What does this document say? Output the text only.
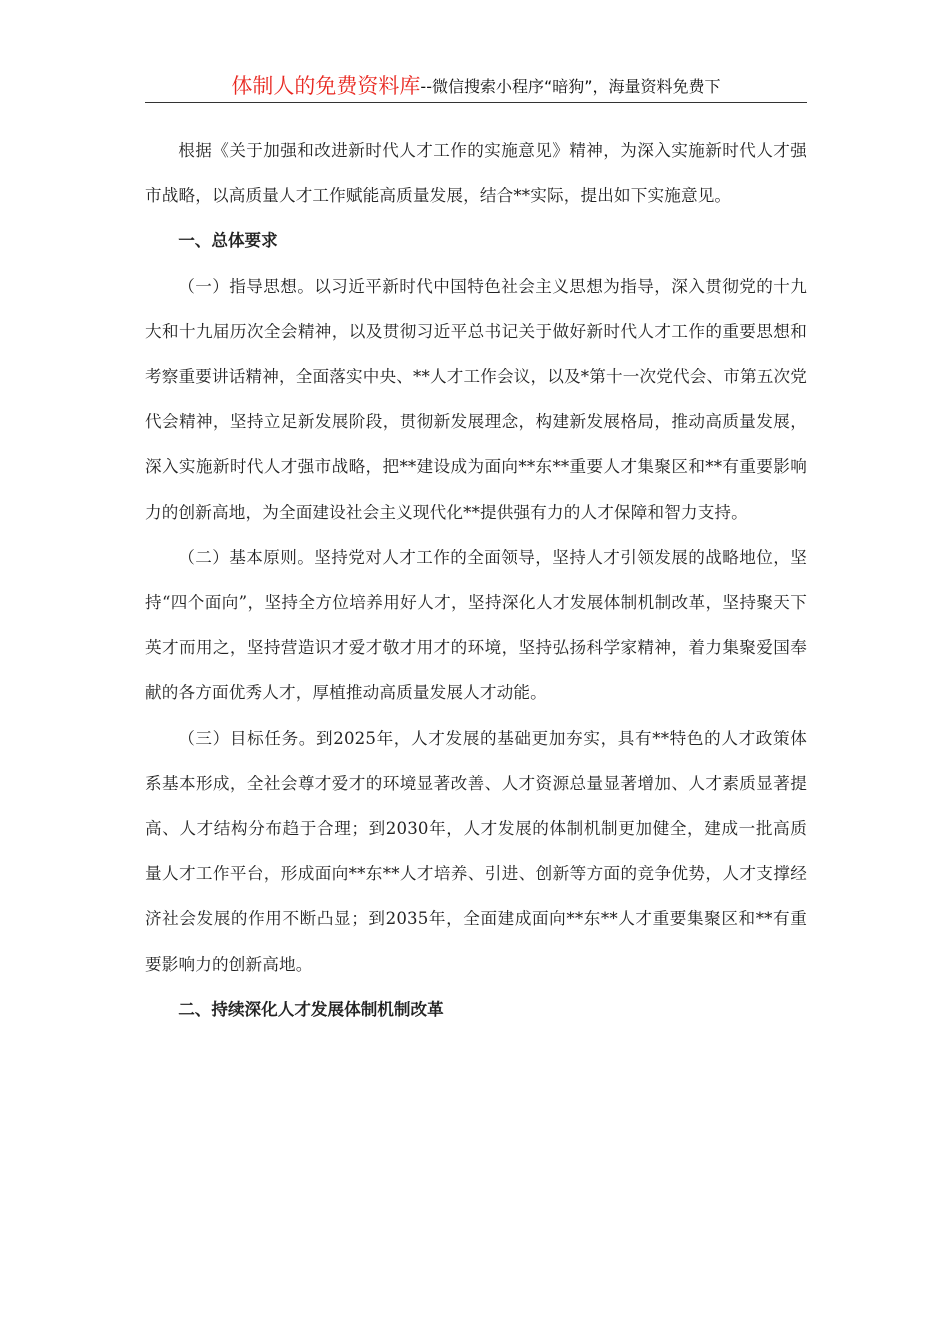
体制人的免费资料库 --微信搜索小程序“暗狗”，海量资料免费下

根据《关于加强和改进新时代人才工作的实施意见》精神，为深入实施新时代人才强市战略，以高质量人才工作赋能高质量发展，结合**实际，提出如下实施意见。

一、总体要求

（一）指导思想。以习近平新时代中国特色社会主义思想为指导，深入贯彻党的十九大和十九届历次全会精神，以及贯彻习近平总书记关于做好新时代人才工作的重要思想和考察重要讲话精神，全面落实中央、**人才工作会议，以及*第十一次党代会、市第五次党代会精神，坚持立足新发展阶段，贯彻新发展理念，构建新发展格局，推动高质量发展，深入实施新时代人才强市战略，把**建设成为面向**东**重要人才集聚区和**有重要影响力的创新高地，为全面建设社会主义现代化**提供强有力的人才保障和智力支持。

（二）基本原则。坚持党对人才工作的全面领导，坚持人才引领发展的战略地位，坚持“四个面向”，坚持全方位培养用好人才，坚持深化人才发展体制机制改革，坚持聚天下英才而用之，坚持营造识才爱才敬才用才的环境，坚持弘扬科学家精神，着力集聚爱国奉献的各方面优秀人才，厚植推动高质量发展人才动能。

（三）目标任务。到2025年，人才发展的基础更加夯实，具有**特色的人才政策体系基本形成，全社会尊才爱才的环境显著改善、人才资源总量显著增加、人才素质显著提高、人才结构分布趋于合理；到2030年，人才发展的体制机制更加健全，建成一批高质量人才工作平台，形成面向**东**人才培养、引进、创新等方面的竞争优势，人才支撑经济社会发展的作用不断凸显；到2035年，全面建成面向**东**人才重要集聚区和**有重要影响力的创新高地。

二、持续深化人才发展体制机制改革
